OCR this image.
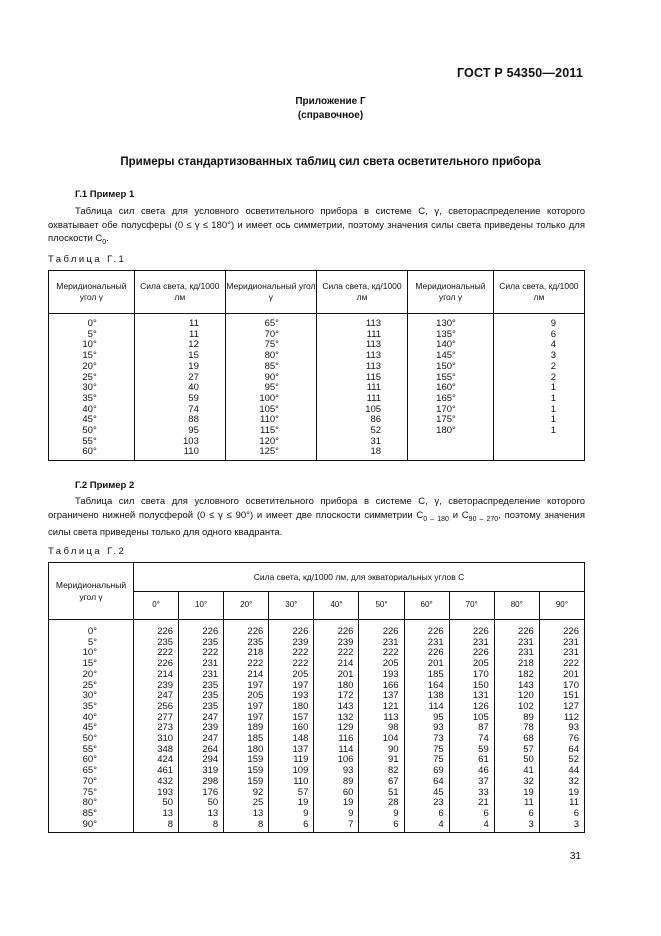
ГОСТ Р 54350—2011
Приложение Г
(справочное)
Примеры стандартизованных таблиц сил света осветительного прибора
Г.1 Пример 1
Таблица сил света для условного осветительного прибора в системе C, γ, светораспределение которого охватывает обе полусферы (0 ≤ γ ≤ 180°) и имеет ось симметрии, поэтому значения силы света приведены только для плоскости $C_0$.
Таблица Г.1
Меридиональный угол γ	Сила света, кд/1000 лм	Меридиональный угол γ	Сила света, кд/1000 лм	Меридиональный угол γ	Сила света, кд/1000 лм
0°	11	65°	113	130°	9
5°	11	70°	111	135°	6
10°	12	75°	113	140°	4
15°	15	80°	113	145°	3
20°	19	85°	113	150°	2
25°	27	90°	115	155°	2
30°	40	95°	111	160°	1
35°	59	100°	111	165°	1
40°	74	105°	105	170°	1
45°	88	110°	86	175°	1
50°	95	115°	52	180°	1
55°	103	120°	31		
60°	110	125°	18		
Г.2 Пример 2
Таблица сил света для условного осветительного прибора в системе C, γ, светораспределение которого ограничено нижней полусферой (0 ≤ γ ≤ 90°) и имеет две плоскости симметрии $C_{0 - 180}$ и $C_{90 - 270}$, поэтому значения силы света приведены только для одного квадранта.
Таблица Г.2
Меридиональный угол γ	Сила света, кд/1000 лм, для экваториальных углов C									
	0°	10°	20°	30°	40°	50°	60°	70°	80°	90°
0°	226	226	226	226	226	226	226	226	226	226
5°	235	235	235	239	239	231	231	231	231	231
10°	222	222	218	222	222	222	226	226	231	231
15°	226	231	222	222	214	205	201	205	218	222
20°	214	231	214	205	201	193	185	170	182	201
25°	239	235	197	197	180	166	164	150	143	170
30°	247	235	205	193	172	137	138	131	120	151
35°	256	235	197	180	143	121	114	126	102	127
40°	277	247	197	157	132	113	95	105	89	112
45°	273	239	189	160	129	98	93	87	78	93
50°	310	247	185	148	116	104	73	74	68	76
55°	348	264	180	137	114	90	75	59	57	64
60°	424	294	159	119	106	91	75	61	50	52
65°	461	319	159	109	93	82	69	46	41	44
70°	432	298	159	110	89	67	64	37	32	32
75°	193	176	92	57	60	51	45	33	19	19
80°	50	50	25	19	19	28	23	21	11	11
85°	13	13	13	9	9	9	6	6	6	6
90°	8	8	8	6	7	6	4	4	3	3
31
